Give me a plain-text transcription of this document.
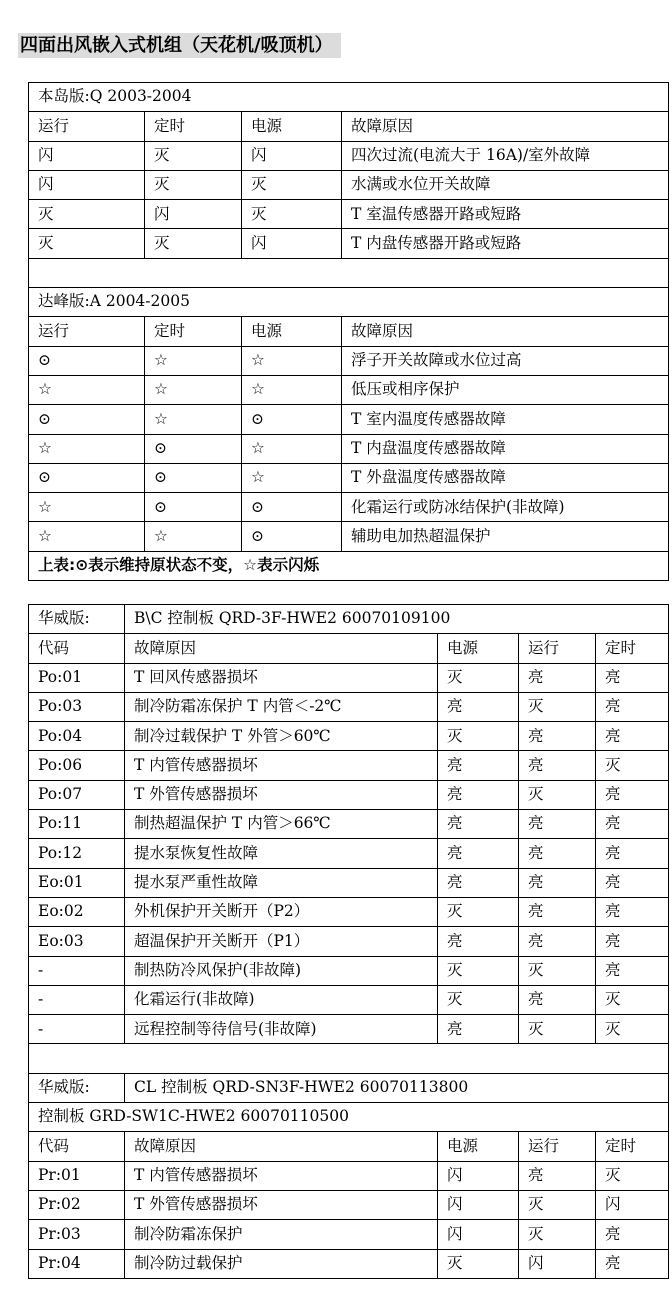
四面出风嵌入式机组（天花机/吸顶机）
本岛版:Q 2003-2004			
运行	定时	电源	故障原因
闪	灭	闪	四次过流(电流大于 16A)/室外故障
闪	灭	灭	水满或水位开关故障
灭	闪	灭	T 室温传感器开路或短路
灭	灭	闪	T 内盘传感器开路或短路

达峰版:A 2004-2005			
运行	定时	电源	故障原因
⊙	☆	☆	浮子开关故障或水位过高
☆	☆	☆	低压或相序保护
⊙	☆	⊙	T 室内温度传感器故障
☆	⊙	☆	T 内盘温度传感器故障
⊙	⊙	☆	T 外盘温度传感器故障
☆	⊙	⊙	化霜运行或防冰结保护(非故障)
☆	☆	⊙	辅助电加热超温保护
上表:⊙表示维持原状态不变，☆表示闪烁			
华威版:	B\C 控制板 QRD-3F-HWE2 60070109100			
代码	故障原因	电源	运行	定时
Po:01	T 回风传感器损坏	灭	亮	亮
Po:03	制冷防霜冻保护 T 内管＜-2℃	亮	灭	亮
Po:04	制冷过载保护 T 外管＞60℃	灭	亮	亮
Po:06	T 内管传感器损坏	亮	亮	灭
Po:07	T 外管传感器损坏	亮	灭	亮
Po:11	制热超温保护 T 内管＞66℃	亮	亮	亮
Po:12	提水泵恢复性故障	亮	亮	亮
Eo:01	提水泵严重性故障	亮	亮	亮
Eo:02	外机保护开关断开（P2）	灭	亮	亮
Eo:03	超温保护开关断开（P1）	亮	亮	亮
-	制热防冷风保护(非故障)	灭	灭	亮
-	化霜运行(非故障)	灭	亮	灭
-	远程控制等待信号(非故障)	亮	灭	灭

华威版:	CL 控制板 QRD-SN3F-HWE2 60070113800			
控制板 GRD-SW1C-HWE2 60070110500				
代码	故障原因	电源	运行	定时
Pr:01	T 内管传感器损坏	闪	亮	灭
Pr:02	T 外管传感器损坏	闪	灭	闪
Pr:03	制冷防霜冻保护	闪	灭	亮
Pr:04	制冷防过载保护	灭	闪	亮
